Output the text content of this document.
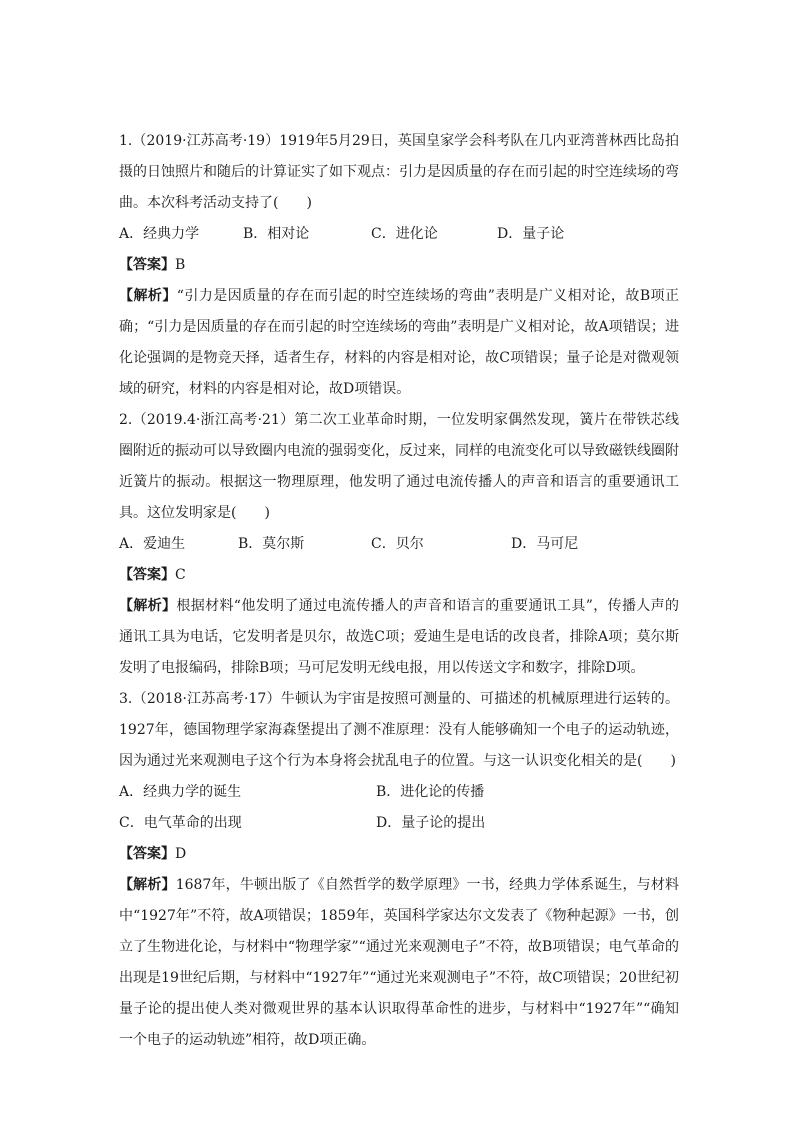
1.（2019·江苏高考·19）1919年5月29日，英国皇家学会科考队在几内亚湾普林西比岛拍摄的日蚀照片和随后的计算证实了如下观点：引力是因质量的存在而引起的时空连续场的弯曲。本次科考活动支持了(　　)

A．经典力学	B．相对论	C．进化论	D．量子论

【答案】B

【解析】“引力是因质量的存在而引起的时空连续场的弯曲”表明是广义相对论，故B项正确；“引力是因质量的存在而引起的时空连续场的弯曲”表明是广义相对论，故A项错误；进化论强调的是物竞天择，适者生存，材料的内容是相对论，故C项错误；量子论是对微观领域的研究，材料的内容是相对论，故D项错误。

2.（2019.4·浙江高考·21）第二次工业革命时期，一位发明家偶然发现，簧片在带铁芯线圈附近的振动可以导致圈内电流的强弱变化，反过来，同样的电流变化可以导致磁铁线圈附近簧片的振动。根据这一物理原理，他发明了通过电流传播人的声音和语言的重要通讯工具。这位发明家是(　　)

A．爱迪生	B．莫尔斯	C．贝尔	D．马可尼

【答案】C

【解析】根据材料“他发明了通过电流传播人的声音和语言的重要通讯工具”，传播人声的通讯工具为电话，它发明者是贝尔，故选C项；爱迪生是电话的改良者，排除A项；莫尔斯发明了电报编码，排除B项；马可尼发明无线电报，用以传送文字和数字，排除D项。

3.（2018·江苏高考·17）牛顿认为宇宙是按照可测量的、可描述的机械原理进行运转的。1927年，德国物理学家海森堡提出了测不准原理：没有人能够确知一个电子的运动轨迹，因为通过光来观测电子这个行为本身将会扰乱电子的位置。与这一认识变化相关的是(　　)

A．经典力学的诞生	B．进化论的传播
C．电气革命的出现	D．量子论的提出

【答案】D

【解析】1687年，牛顿出版了《自然哲学的数学原理》一书，经典力学体系诞生，与材料中“1927年”不符，故A项错误；1859年，英国科学家达尔文发表了《物种起源》一书，创立了生物进化论，与材料中“物理学家”“通过光来观测电子”不符，故B项错误；电气革命的出现是19世纪后期，与材料中“1927年”“通过光来观测电子”不符，故C项错误；20世纪初量子论的提出使人类对微观世界的基本认识取得革命性的进步，与材料中“1927年”“确知一个电子的运动轨迹”相符，故D项正确。
